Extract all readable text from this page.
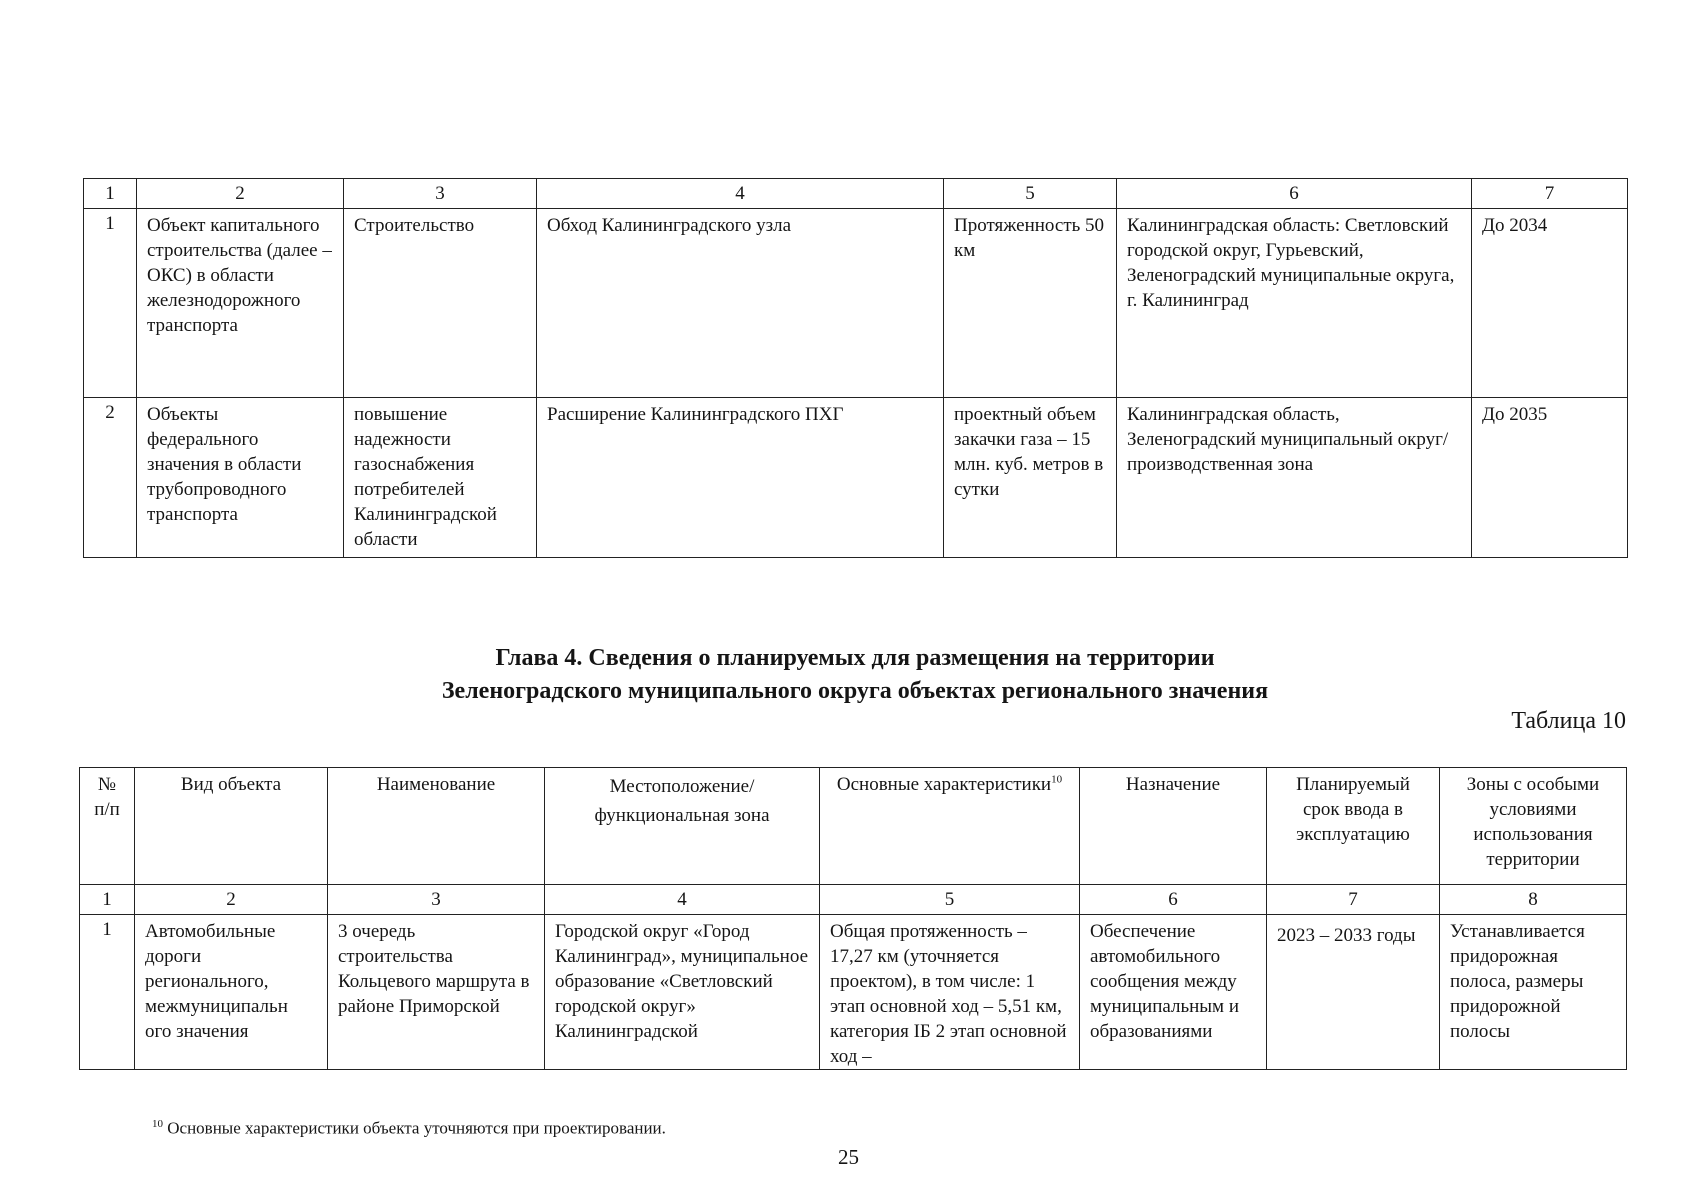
1	2	3	4	5	6	7
1	Объект капитального строительства (далее – ОКС) в области железнодорожного транспорта	Строительство	Обход Калининградского узла	Протяженность 50 км	Калининградская область: Светловский городской округ, Гурьевский, Зеленоградский муниципальные округа, г. Калининград	До 2034
2	Объекты федерального значения в области трубопроводного транспорта	повышение надежности газоснабжения потребителей Калининградской области	Расширение Калининградского ПХГ	проектный объем закачки газа – 15 млн. куб. метров в сутки	Калининградская область, Зеленоградский муниципальный округ/производственная зона	До 2035
Глава 4. Сведения о планируемых для размещения на территории
Зеленоградского муниципального округа объектах регионального значения
Таблица 10
№ п/п	Вид объекта	Наименование	Местоположение/ функциональная зона	Основные характеристики$^{10}$	Назначение	Планируемый срок ввода в эксплуатацию	Зоны с особыми условиями использования территории
1	2	3	4	5	6	7	8
1	Автомобильные дороги регионального, межмуниципальн ого значения	3 очередь строительства Кольцевого маршрута в районе Приморской	Городской округ «Город Калининград», муниципальное образование «Светловский городской округ» Калининградской	Общая протяженность – 17,27 км (уточняется проектом), в том числе: 1 этап основной ход – 5,51 км, категория IБ 2 этап основной ход –	Обеспечение автомобильного сообщения между муниципальным и образованиями	2023 – 2033 годы	Устанавливается придорожная полоса, размеры придорожной полосы
$^{10}$ Основные характеристики объекта уточняются при проектировании.
25
